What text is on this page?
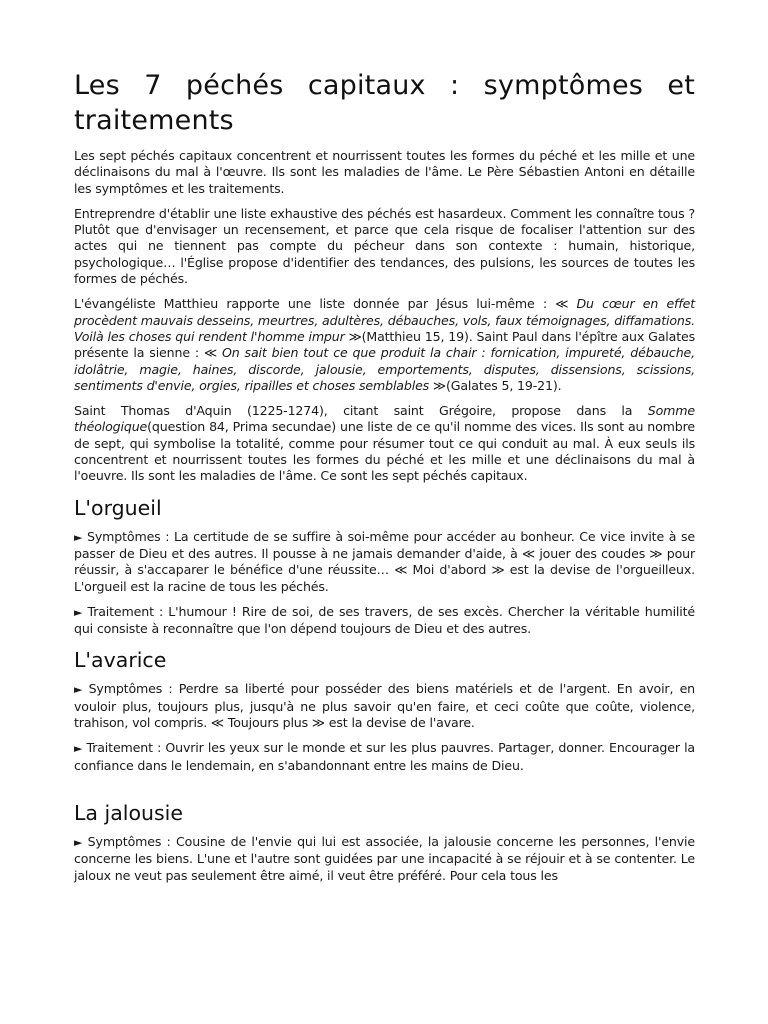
Les 7 péchés capitaux : symptômes et traitements

Les sept péchés capitaux concentrent et nourrissent toutes les formes du péché et les mille et une déclinaisons du mal à l'œuvre. Ils sont les maladies de l'âme. Le Père Sébastien Antoni en détaille les symptômes et les traitements.

Entreprendre d'établir une liste exhaustive des péchés est hasardeux. Comment les connaître tous ? Plutôt que d'envisager un recensement, et parce que cela risque de focaliser l'attention sur des actes qui ne tiennent pas compte du pécheur dans son contexte : humain, historique, psychologique… l'Église propose d'identifier des tendances, des pulsions, les sources de toutes les formes de péchés.

L'évangéliste Matthieu rapporte une liste donnée par Jésus lui-même : ≪ Du cœur en effet procèdent mauvais desseins, meurtres, adultères, débauches, vols, faux témoignages, diffamations. Voilà les choses qui rendent l'homme impur ≫(Matthieu 15, 19). Saint Paul dans l'épître aux Galates présente la sienne : ≪ On sait bien tout ce que produit la chair : fornication, impureté, débauche, idolâtrie, magie, haines, discorde, jalousie, emportements, disputes, dissensions, scissions, sentiments d'envie, orgies, ripailles et choses semblables ≫(Galates 5, 19-21).

Saint Thomas d'Aquin (1225-1274), citant saint Grégoire, propose dans la Somme théologique(question 84, Prima secundae) une liste de ce qu'il nomme des vices. Ils sont au nombre de sept, qui symbolise la totalité, comme pour résumer tout ce qui conduit au mal. À eux seuls ils concentrent et nourrissent toutes les formes du péché et les mille et une déclinaisons du mal à l'oeuvre. Ils sont les maladies de l'âme. Ce sont les sept péchés capitaux.

L'orgueil

► Symptômes : La certitude de se suffire à soi-même pour accéder au bonheur. Ce vice invite à se passer de Dieu et des autres. Il pousse à ne jamais demander d'aide, à ≪ jouer des coudes ≫ pour réussir, à s'accaparer le bénéfice d'une réussite… ≪ Moi d'abord ≫ est la devise de l'orgueilleux. L'orgueil est la racine de tous les péchés.

► Traitement : L'humour ! Rire de soi, de ses travers, de ses excès. Chercher la véritable humilité qui consiste à reconnaître que l'on dépend toujours de Dieu et des autres.

L'avarice

► Symptômes : Perdre sa liberté pour posséder des biens matériels et de l'argent. En avoir, en vouloir plus, toujours plus, jusqu'à ne plus savoir qu'en faire, et ceci coûte que coûte, violence, trahison, vol compris. ≪ Toujours plus ≫ est la devise de l'avare.

► Traitement : Ouvrir les yeux sur le monde et sur les plus pauvres. Partager, donner. Encourager la confiance dans le lendemain, en s'abandonnant entre les mains de Dieu.

La jalousie

► Symptômes : Cousine de l'envie qui lui est associée, la jalousie concerne les personnes, l'envie concerne les biens. L'une et l'autre sont guidées par une incapacité à se réjouir et à se contenter. Le jaloux ne veut pas seulement être aimé, il veut être préféré. Pour cela tous les
